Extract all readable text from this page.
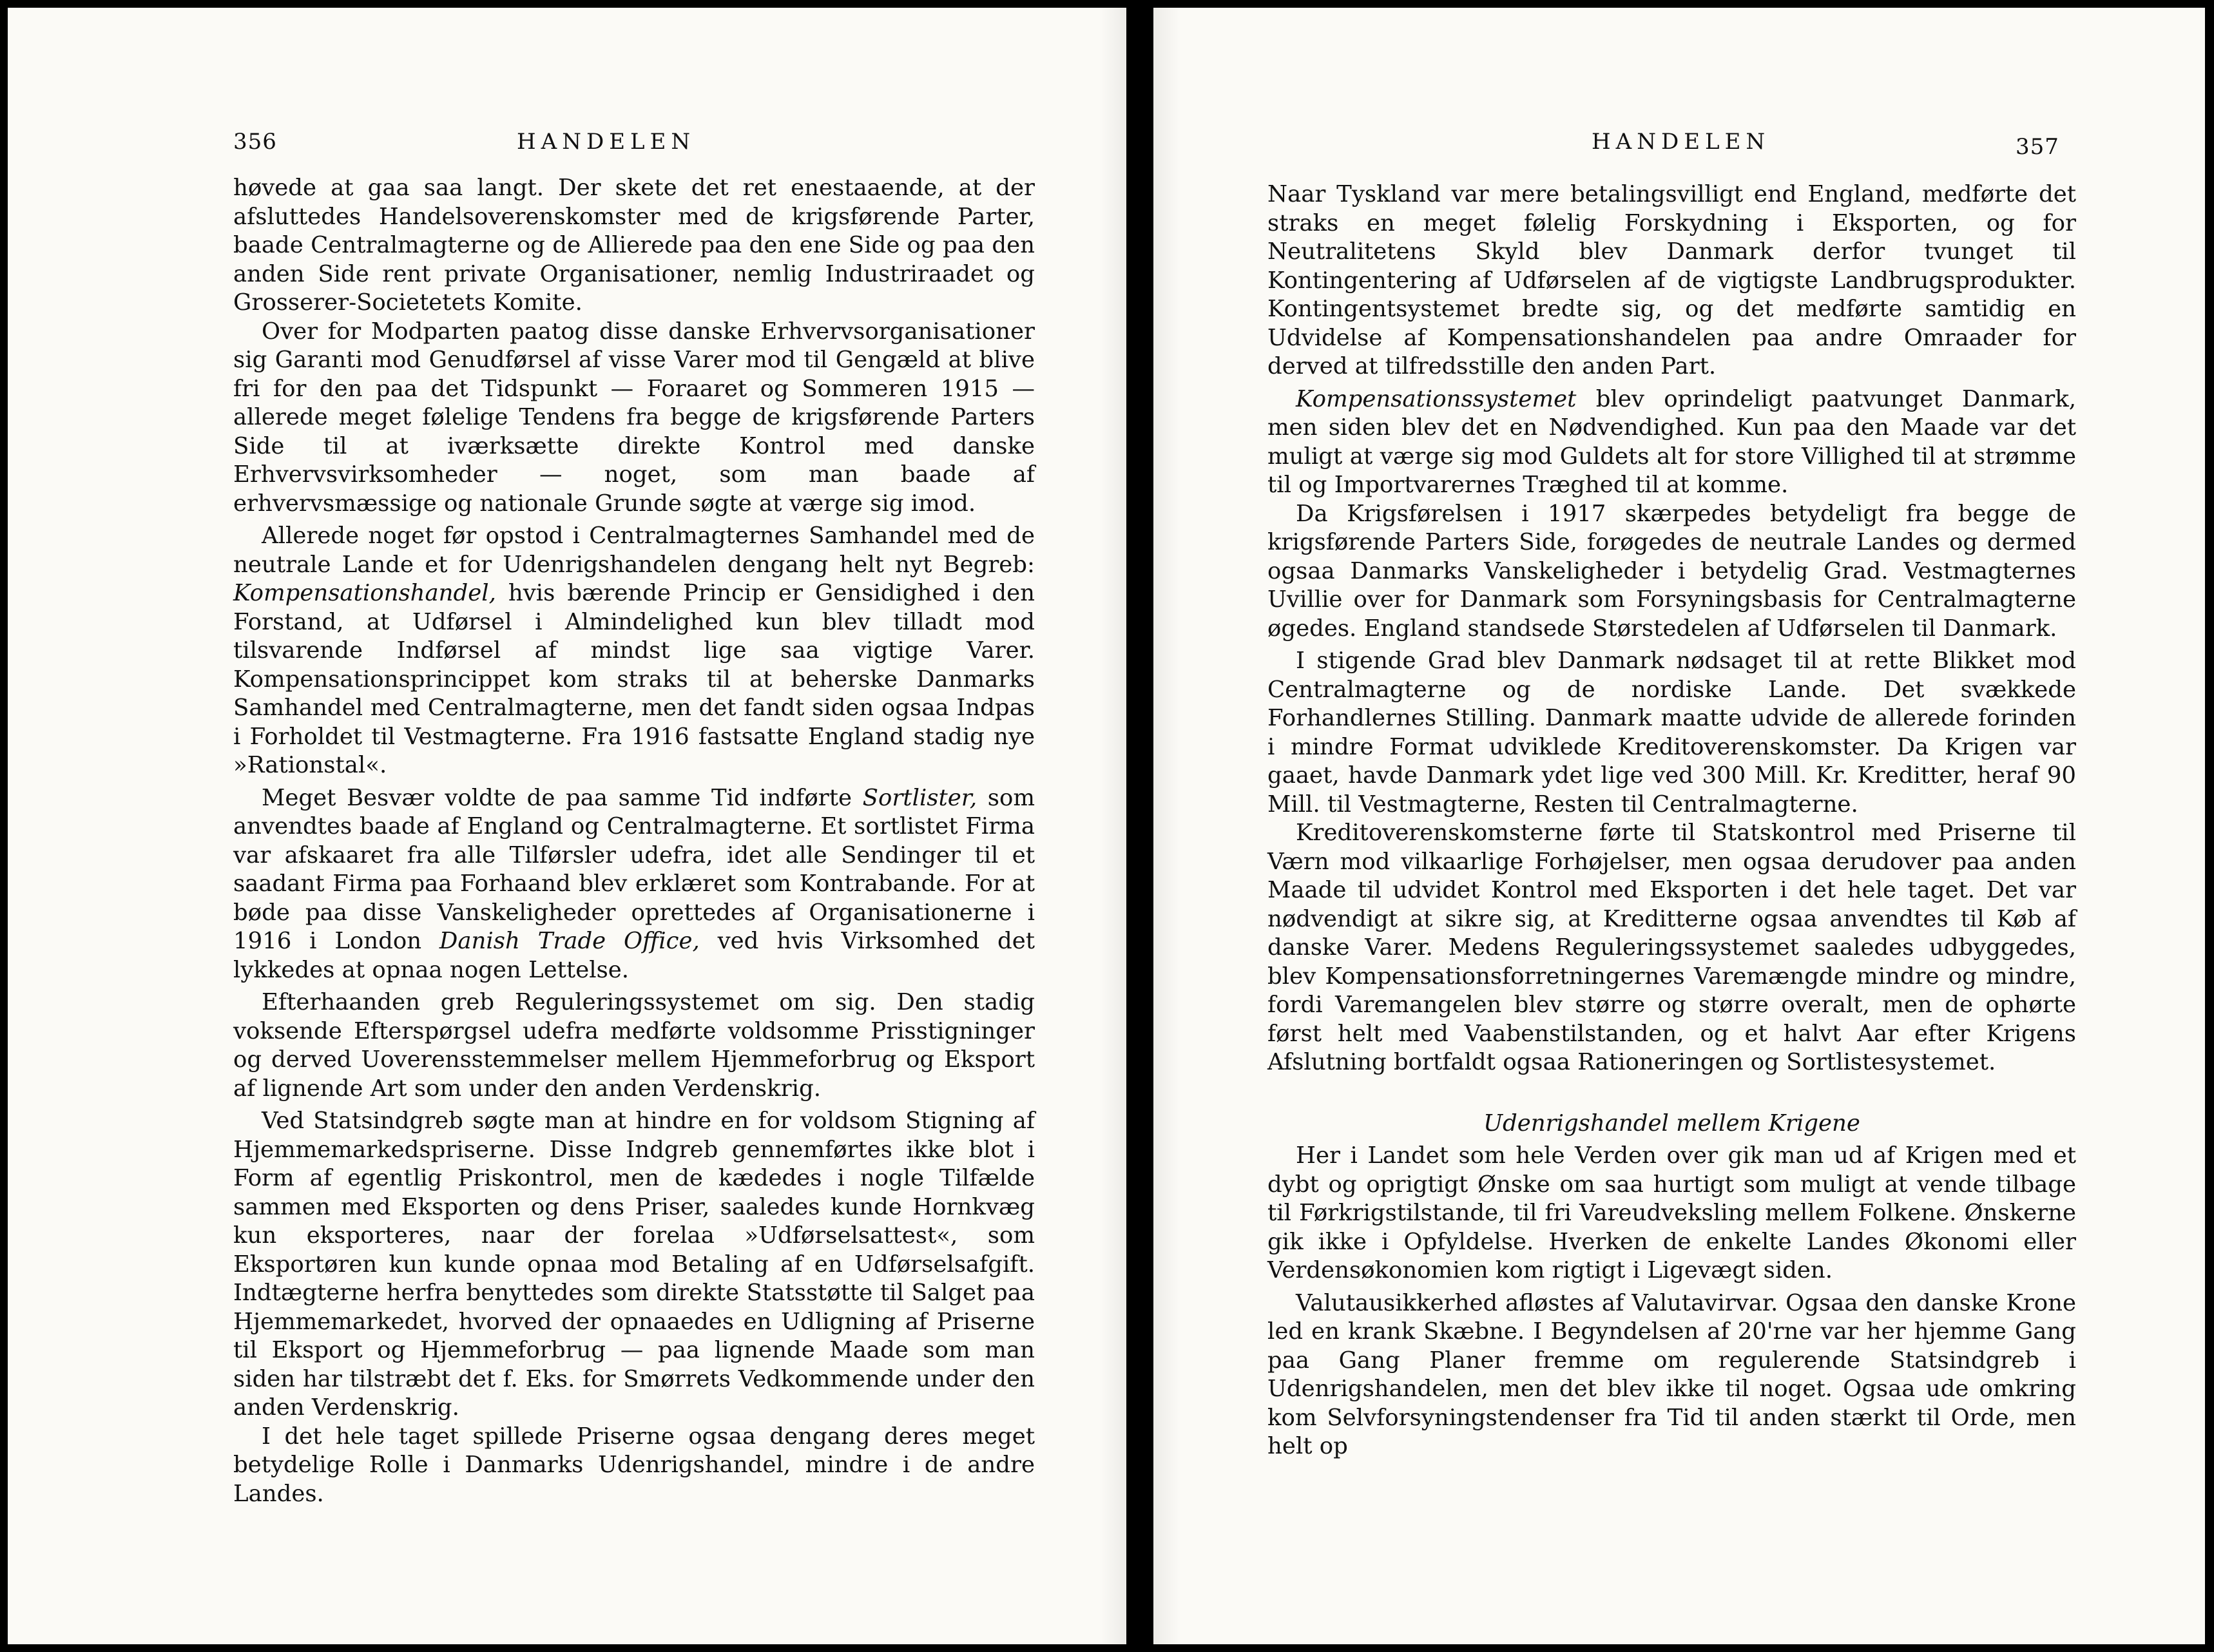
356	HANDELEN

høvede at gaa saa langt. Der skete det ret enestaaende, at der afsluttedes Handelsoverenskomster med de krigsførende Parter, baade Centralmagterne og de Allierede paa den ene Side og paa den anden Side rent private Organisationer, nemlig Industriraadet og Grosserer-Societetets Komite.

Over for Modparten paatog disse danske Erhvervsorganisationer sig Garanti mod Genudførsel af visse Varer mod til Gengæld at blive fri for den paa det Tidspunkt — Foraaret og Sommeren 1915 — allerede meget følelige Tendens fra begge de krigsførende Parters Side til at iværksætte direkte Kontrol med danske Erhvervsvirksomheder — noget, som man baade af erhvervsmæssige og nationale Grunde søgte at værge sig imod.

Allerede noget før opstod i Centralmagternes Samhandel med de neutrale Lande et for Udenrigshandelen dengang helt nyt Begreb: Kompensationshandel, hvis bærende Princip er Gensidighed i den Forstand, at Udførsel i Almindelighed kun blev tilladt mod tilsvarende Indførsel af mindst lige saa vigtige Varer. Kompensationsprincippet kom straks til at beherske Danmarks Samhandel med Centralmagterne, men det fandt siden ogsaa Indpas i Forholdet til Vestmagterne. Fra 1916 fastsatte England stadig nye »Rationstal«.

Meget Besvær voldte de paa samme Tid indførte Sortlister, som anvendtes baade af England og Centralmagterne. Et sortlistet Firma var afskaaret fra alle Tilførsler udefra, idet alle Sendinger til et saadant Firma paa Forhaand blev erklæret som Kontrabande. For at bøde paa disse Vanskeligheder oprettedes af Organisationerne i 1916 i London Danish Trade Office, ved hvis Virksomhed det lykkedes at opnaa nogen Lettelse.

Efterhaanden greb Reguleringssystemet om sig. Den stadig voksende Efterspørgsel udefra medførte voldsomme Prisstigninger og derved Uoverensstemmelser mellem Hjemmeforbrug og Eksport af lignende Art som under den anden Verdenskrig.

Ved Statsindgreb søgte man at hindre en for voldsom Stigning af Hjemmemarkedspriserne. Disse Indgreb gennemførtes ikke blot i Form af egentlig Priskontrol, men de kædedes i nogle Tilfælde sammen med Eksporten og dens Priser, saaledes kunde Hornkvæg kun eksporteres, naar der forelaa »Udførselsattest«, som Eksportøren kun kunde opnaa mod Betaling af en Udførselsafgift. Indtægterne herfra benyttedes som direkte Statsstøtte til Salget paa Hjemmemarkedet, hvorved der opnaaedes en Udligning af Priserne til Eksport og Hjemmeforbrug — paa lignende Maade som man siden har tilstræbt det f. Eks. for Smørrets Vedkommende under den anden Verdenskrig.

I det hele taget spillede Priserne ogsaa dengang deres meget betydelige Rolle i Danmarks Udenrigshandel, mindre i de andre Landes.

HANDELEN	357

Naar Tyskland var mere betalingsvilligt end England, medførte det straks en meget følelig Forskydning i Eksporten, og for Neutralitetens Skyld blev Danmark derfor tvunget til Kontingentering af Udførselen af de vigtigste Landbrugsprodukter. Kontingentsystemet bredte sig, og det medførte samtidig en Udvidelse af Kompensationshandelen paa andre Omraader for derved at tilfredsstille den anden Part.

Kompensationssystemet blev oprindeligt paatvunget Danmark, men siden blev det en Nødvendighed. Kun paa den Maade var det muligt at værge sig mod Guldets alt for store Villighed til at strømme til og Importvarernes Træghed til at komme.

Da Krigsførelsen i 1917 skærpedes betydeligt fra begge de krigsførende Parters Side, forøgedes de neutrale Landes og dermed ogsaa Danmarks Vanskeligheder i betydelig Grad. Vestmagternes Uvillie over for Danmark som Forsyningsbasis for Centralmagterne øgedes. England standsede Størstedelen af Udførselen til Danmark.

I stigende Grad blev Danmark nødsaget til at rette Blikket mod Centralmagterne og de nordiske Lande. Det svækkede Forhandlernes Stilling. Danmark maatte udvide de allerede forinden i mindre Format udviklede Kreditoverenskomster. Da Krigen var gaaet, havde Danmark ydet lige ved 300 Mill. Kr. Kreditter, heraf 90 Mill. til Vestmagterne, Resten til Centralmagterne.

Kreditoverenskomsterne førte til Statskontrol med Priserne til Værn mod vilkaarlige Forhøjelser, men ogsaa derudover paa anden Maade til udvidet Kontrol med Eksporten i det hele taget. Det var nødvendigt at sikre sig, at Kreditterne ogsaa anvendtes til Køb af danske Varer. Medens Reguleringssystemet saaledes udbyggedes, blev Kompensationsforretningernes Varemængde mindre og mindre, fordi Varemangelen blev større og større overalt, men de ophørte først helt med Vaabenstilstanden, og et halvt Aar efter Krigens Afslutning bortfaldt ogsaa Rationeringen og Sortlistesystemet.

Udenrigshandel mellem Krigene

Her i Landet som hele Verden over gik man ud af Krigen med et dybt og oprigtigt Ønske om saa hurtigt som muligt at vende tilbage til Førkrigstilstande, til fri Vareudveksling mellem Folkene. Ønskerne gik ikke i Opfyldelse. Hverken de enkelte Landes Økonomi eller Verdensøkonomien kom rigtigt i Ligevægt siden.

Valutausikkerhed afløstes af Valutavirvar. Ogsaa den danske Krone led en krank Skæbne. I Begyndelsen af 20'rne var her hjemme Gang paa Gang Planer fremme om regulerende Statsindgreb i Udenrigshandelen, men det blev ikke til noget. Ogsaa ude omkring kom Selvforsyningstendenser fra Tid til anden stærkt til Orde, men helt op
